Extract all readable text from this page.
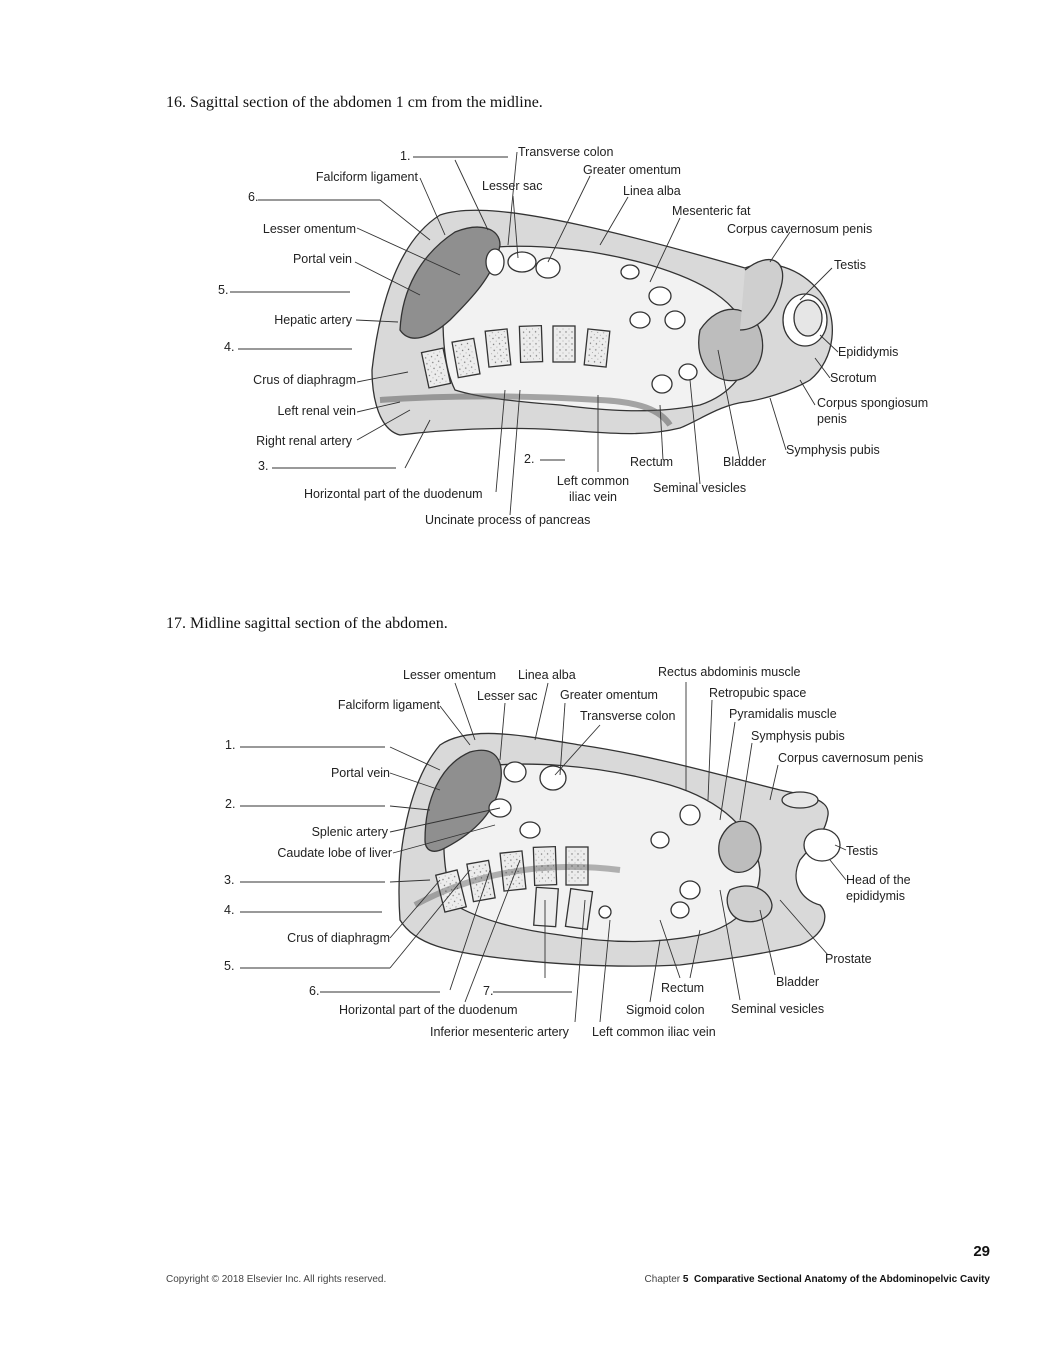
16. Sagittal section of the abdomen 1 cm from the midline.
1.	Transverse colon
Greater omentum
Falciform ligament
Lesser sac	Linea alba
6.
Mesenteric fat
Corpus cavernosum penis
Lesser omentum
Portal vein	Testis
5.
Hepatic artery
4.	Epididymis
Crus of diaphragm	Scrotum
Corpus spongiosum
penis
Left renal vein
Right renal artery
Symphysis pubis
2.	Rectum	Bladder
3.
Left common
iliac vein
Seminal vesicles
Horizontal part of the duodenum
Uncinate process of pancreas
17. Midline sagittal section of the abdomen.
Lesser omentum Linea alba	Rectus abdominis muscle
Lesser sac Greater omentum	Retropubic space
Falciform ligament
Transverse colon	Pyramidalis muscle
Symphysis pubis
1.
Corpus cavernosum penis
Portal vein
2.
Splenic artery
Caudate lobe of liver	Testis
3.	Head of the
epididymis
4.
Crus of diaphragm
Prostate
5.
Bladder
Rectum
6.	7.
Horizontal part of the duodenum	Sigmoid colon Seminal vesicles
Inferior mesenteric artery Left common iliac vein
29
Copyright © 2018 Elsevier Inc. All rights reserved.	Chapter 5 Comparative Sectional Anatomy of the Abdominopelvic Cavity
